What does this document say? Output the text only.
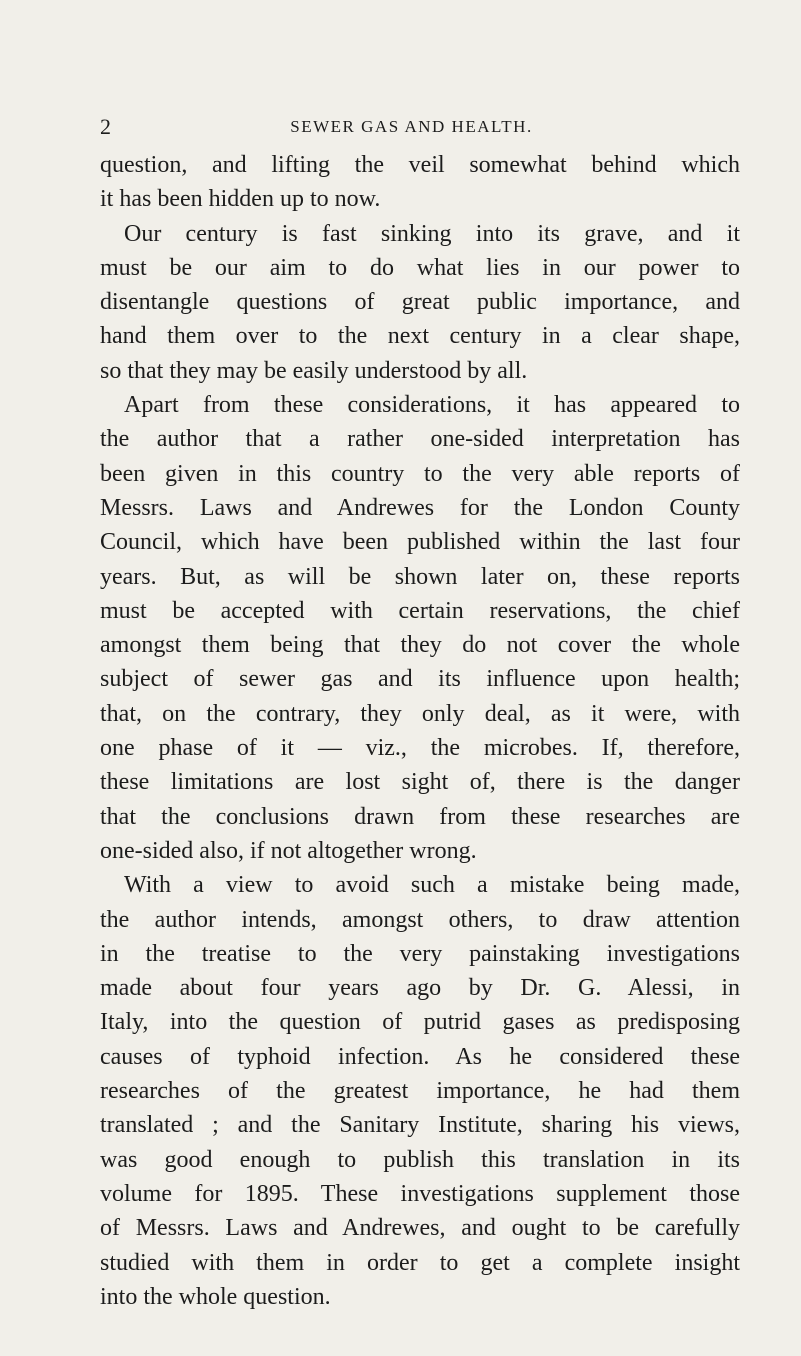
2	SEWER GAS AND HEALTH.
question, and lifting the veil somewhat behind which
it has been hidden up to now.
Our century is fast sinking into its grave, and it
must be our aim to do what lies in our power to
disentangle questions of great public importance, and
hand them over to the next century in a clear shape,
so that they may be easily understood by all.
Apart from these considerations, it has appeared to
the author that a rather one-sided interpretation has
been given in this country to the very able reports of
Messrs. Laws and Andrewes for the London County
Council, which have been published within the last four
years. But, as will be shown later on, these reports
must be accepted with certain reservations, the chief
amongst them being that they do not cover the whole
subject of sewer gas and its influence upon health;
that, on the contrary, they only deal, as it were, with
one phase of it — viz., the microbes. If, therefore,
these limitations are lost sight of, there is the danger
that the conclusions drawn from these researches are
one-sided also, if not altogether wrong.
With a view to avoid such a mistake being made,
the author intends, amongst others, to draw attention
in the treatise to the very painstaking investigations
made about four years ago by Dr. G. Alessi, in
Italy, into the question of putrid gases as predisposing
causes of typhoid infection. As he considered these
researches of the greatest importance, he had them
translated ; and the Sanitary Institute, sharing his views,
was good enough to publish this translation in its
volume for 1895. These investigations supplement those
of Messrs. Laws and Andrewes, and ought to be carefully
studied with them in order to get a complete insight
into the whole question.
